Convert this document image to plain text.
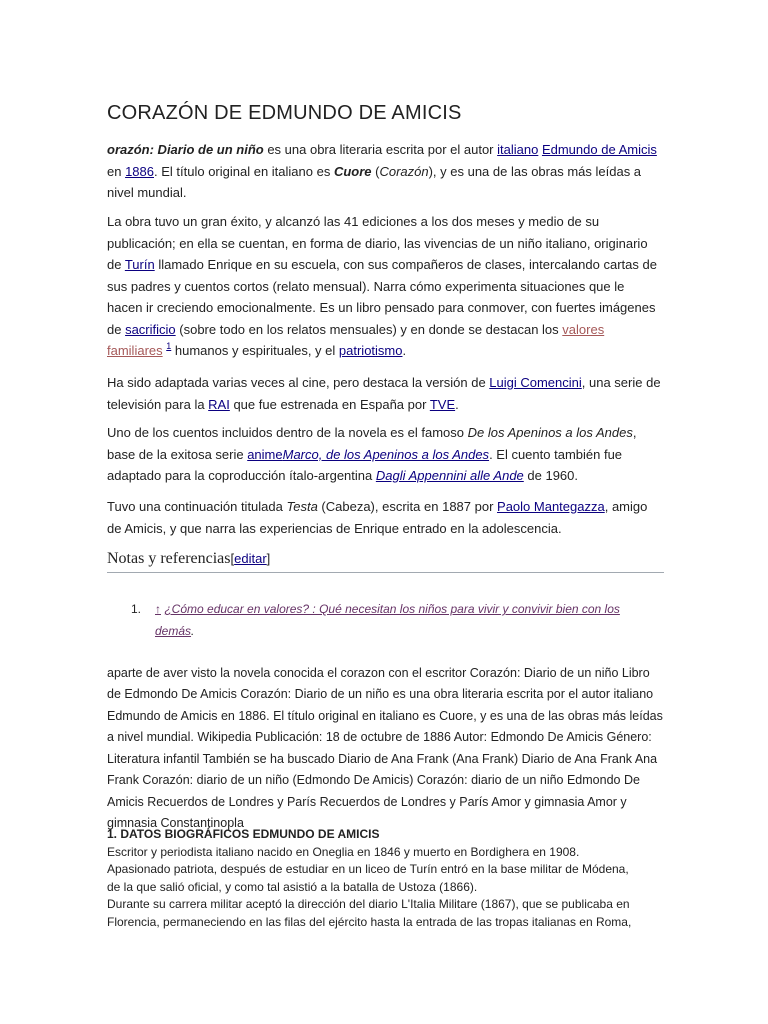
CORAZÓN DE EDMUNDO DE AMICIS

orazón: Diario de un niño es una obra literaria escrita por el autor italiano Edmundo de Amicis en 1886. El título original en italiano es Cuore (Corazón), y es una de las obras más leídas a nivel mundial.

La obra tuvo un gran éxito, y alcanzó las 41 ediciones a los dos meses y medio de su publicación; en ella se cuentan, en forma de diario, las vivencias de un niño italiano, originario de Turín llamado Enrique en su escuela, con sus compañeros de clases, intercalando cartas de sus padres y cuentos cortos (relato mensual). Narra cómo experimenta situaciones que le hacen ir creciendo emocionalmente. Es un libro pensado para conmover, con fuertes imágenes de sacrificio (sobre todo en los relatos mensuales) y en donde se destacan los valores familiares $^1$ humanos y espirituales, y el patriotismo.

Ha sido adaptada varias veces al cine, pero destaca la versión de Luigi Comencini, una serie de televisión para la RAI que fue estrenada en España por TVE.

Uno de los cuentos incluidos dentro de la novela es el famoso De los Apeninos a los Andes, base de la exitosa serie animeMarco, de los Apeninos a los Andes. El cuento también fue adaptado para la coproducción ítalo-argentina Dagli Appennini alle Ande de 1960.

Tuvo una continuación titulada Testa (Cabeza), escrita en 1887 por Paolo Mantegazza, amigo de Amicis, y que narra las experiencias de Enrique entrado en la adolescencia.

Notas y referencias[editar]
1. ↑ ¿Cómo educar en valores? : Qué necesitan los niños para vivir y convivir bien con los demás.

aparte de aver visto la novela conocida el corazon con el escritor Corazón: Diario de un niño Libro de Edmondo De Amicis Corazón: Diario de un niño es una obra literaria escrita por el autor italiano Edmundo de Amicis en 1886. El título original en italiano es Cuore, y es una de las obras más leídas a nivel mundial. Wikipedia Publicación: 18 de octubre de 1886 Autor: Edmondo De Amicis Género: Literatura infantil También se ha buscado Diario de Ana Frank (Ana Frank) Diario de Ana Frank Ana Frank Corazón: diario de un niño (Edmondo De Amicis) Corazón: diario de un niño Edmondo De Amicis Recuerdos de Londres y París Recuerdos de Londres y París Amor y gimnasia Amor y gimnasia Constantinopla

1. DATOS BIOGRÁFICOS EDMUNDO DE AMICIS
Escritor y periodista italiano nacido en Oneglia en 1846 y muerto en Bordighera en 1908.
Apasionado patriota, después de estudiar en un liceo de Turín entró en la base militar de Módena,
de la que salió oficial, y como tal asistió a la batalla de Ustoza (1866).
Durante su carrera militar aceptó la dirección del diario L'Italia Militare (1867), que se publicaba en
Florencia, permaneciendo en las filas del ejército hasta la entrada de las tropas italianas en Roma,
